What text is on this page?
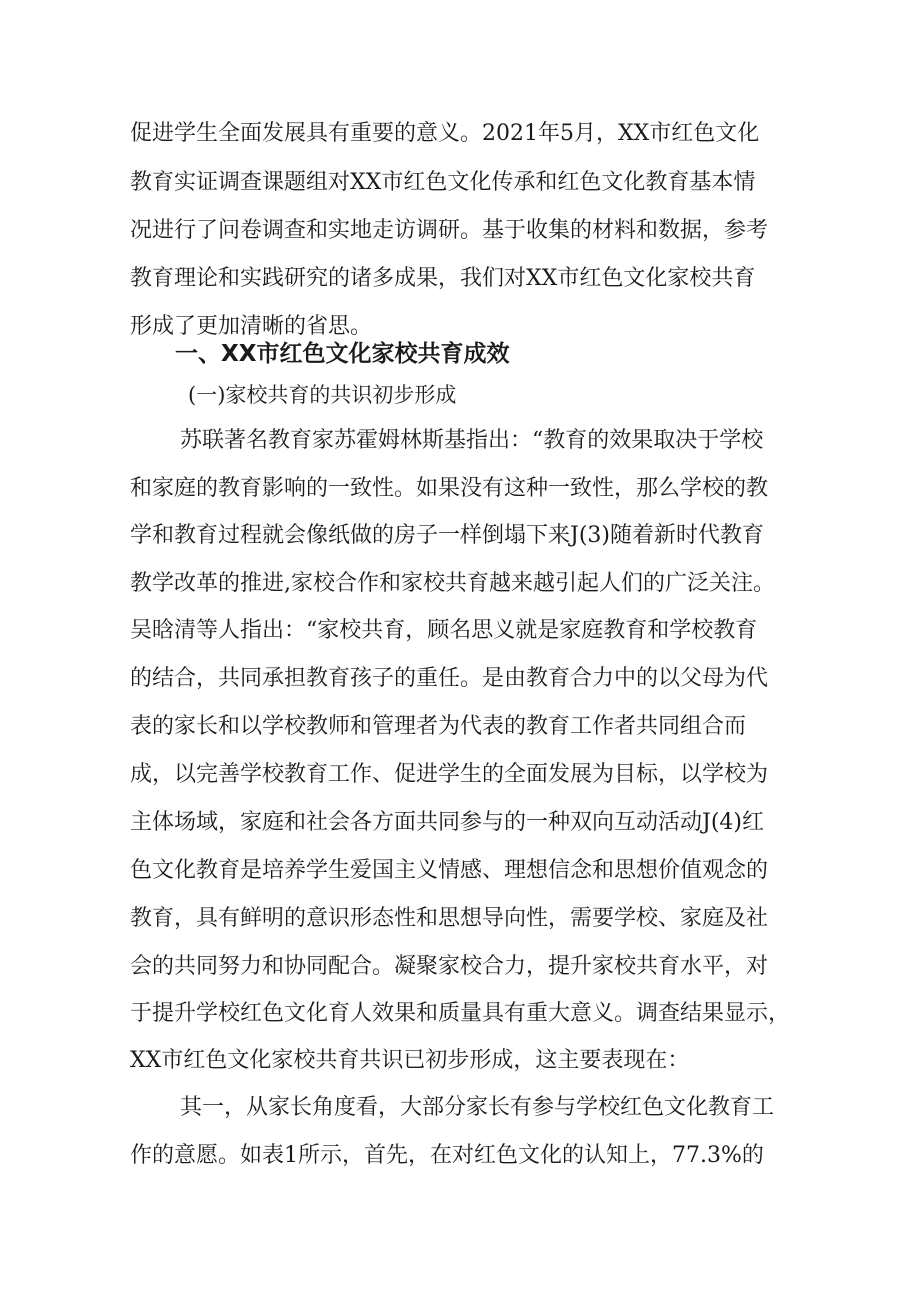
促进学生全面发展具有重要的意义。2021年5月，XX市红色文化
教育实证调查课题组对XX市红色文化传承和红色文化教育基本情
况进行了问卷调查和实地走访调研。基于收集的材料和数据，参考
教育理论和实践研究的诸多成果，我们对XX市红色文化家校共育
形成了更加清晰的省思。
一、XX市红色文化家校共育成效
(一)家校共育的共识初步形成
苏联著名教育家苏霍姆林斯基指出：“教育的效果取决于学校
和家庭的教育影响的一致性。如果没有这种一致性，那么学校的教
学和教育过程就会像纸做的房子一样倒塌下来J(3)随着新时代教育
教学改革的推进,家校合作和家校共育越来越引起人们的广泛关注。
吴晗清等人指出：“家校共育，顾名思义就是家庭教育和学校教育
的结合，共同承担教育孩子的重任。是由教育合力中的以父母为代
表的家长和以学校教师和管理者为代表的教育工作者共同组合而
成，以完善学校教育工作、促进学生的全面发展为目标，以学校为
主体场域，家庭和社会各方面共同参与的一种双向互动活动J(4)红
色文化教育是培养学生爱国主义情感、理想信念和思想价值观念的
教育，具有鲜明的意识形态性和思想导向性，需要学校、家庭及社
会的共同努力和协同配合。凝聚家校合力，提升家校共育水平，对
于提升学校红色文化育人效果和质量具有重大意义。调查结果显示，
XX市红色文化家校共育共识已初步形成，这主要表现在：
其一，从家长角度看，大部分家长有参与学校红色文化教育工
作的意愿。如表1所示，首先，在对红色文化的认知上，77.3%的
